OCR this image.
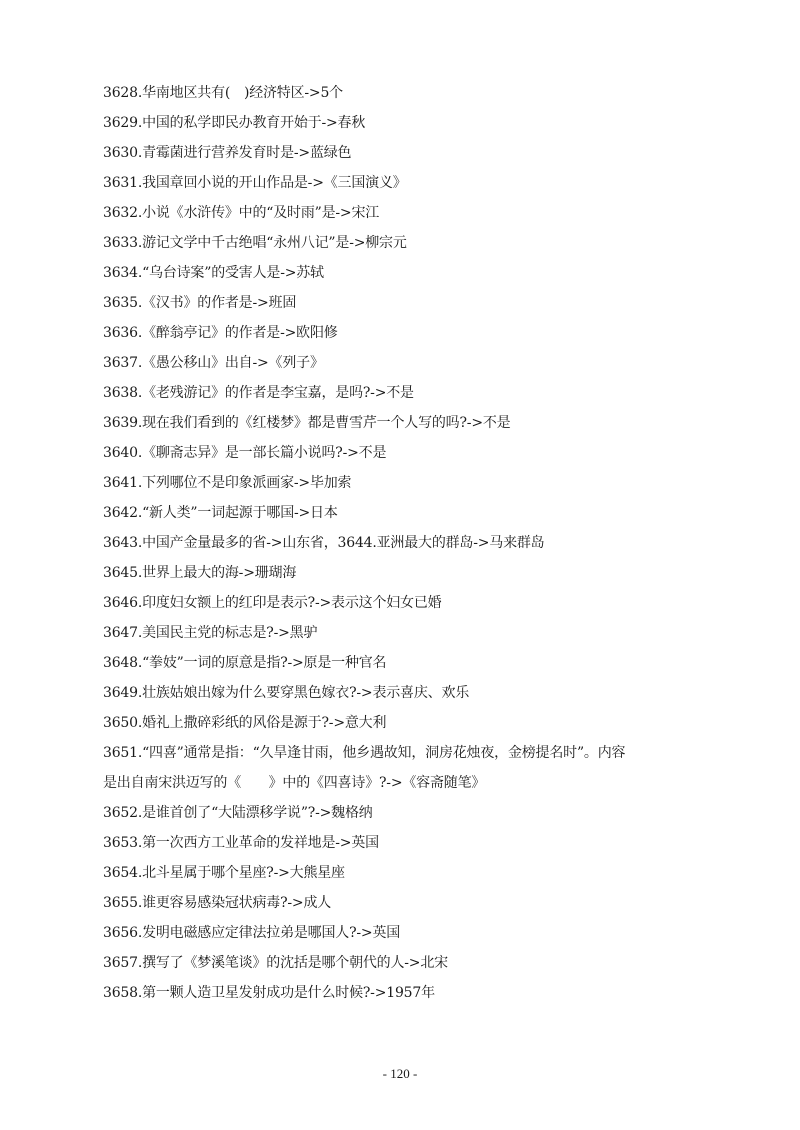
3628.华南地区共有(　)经济特区->5个
3629.中国的私学即民办教育开始于->春秋
3630.青霉菌进行营养发育时是->蓝绿色
3631.我国章回小说的开山作品是->《三国演义》
3632.小说《水浒传》中的“及时雨”是->宋江
3633.游记文学中千古绝唱“永州八记”是->柳宗元
3634.“乌台诗案”的受害人是->苏轼
3635.《汉书》的作者是->班固
3636.《醉翁亭记》的作者是->欧阳修
3637.《愚公移山》出自->《列子》
3638.《老残游记》的作者是李宝嘉，是吗?->不是
3639.现在我们看到的《红楼梦》都是曹雪芹一个人写的吗?->不是
3640.《聊斋志异》是一部长篇小说吗?->不是
3641.下列哪位不是印象派画家->毕加索
3642.“新人类”一词起源于哪国->日本
3643.中国产金量最多的省->山东省，3644.亚洲最大的群岛->马来群岛
3645.世界上最大的海->珊瑚海
3646.印度妇女额上的红印是表示?->表示这个妇女已婚
3647.美国民主党的标志是?->黑驴
3648.“拳妓”一词的原意是指?->原是一种官名
3649.壮族姑娘出嫁为什么要穿黑色嫁衣?->表示喜庆、欢乐
3650.婚礼上撒碎彩纸的风俗是源于?->意大利
3651.“四喜”通常是指：“久旱逢甘雨，他乡遇故知，洞房花烛夜，金榜提名时”。内容
是出自南宋洪迈写的《　　》中的《四喜诗》?->《容斋随笔》
3652.是谁首创了“大陆漂移学说”?->魏格纳
3653.第一次西方工业革命的发祥地是->英国
3654.北斗星属于哪个星座?->大熊星座
3655.谁更容易感染冠状病毒?->成人
3656.发明电磁感应定律法拉弟是哪国人?->英国
3657.撰写了《梦溪笔谈》的沈括是哪个朝代的人->北宋
3658.第一颗人造卫星发射成功是什么时候?->1957年
- 120 -
